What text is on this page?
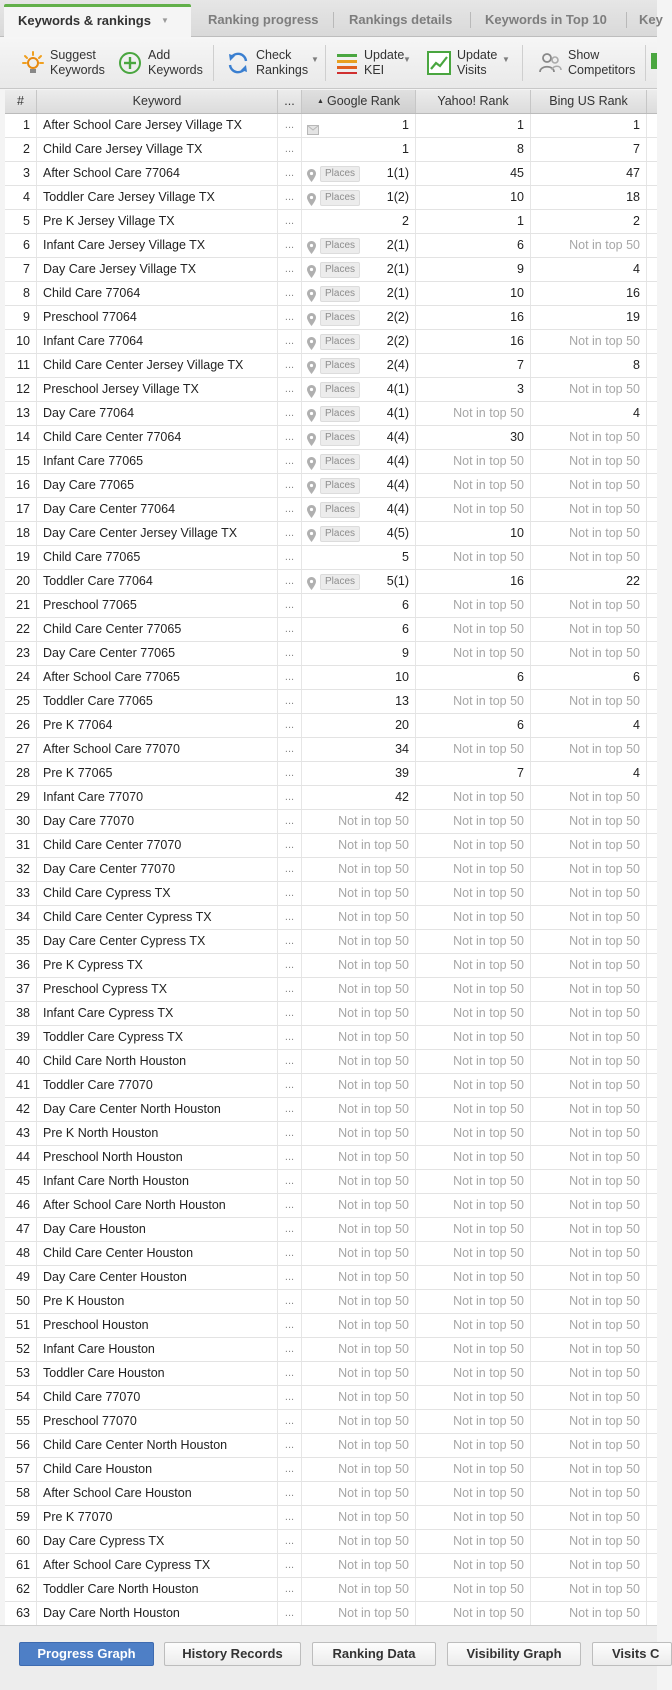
Keywords & rankings ▼	Ranking progress	Rankings details	Keywords in Top 10	Key
Suggest
Keywords
Add
Keywords
Check
Rankings
▼	Update
KEI
▼	Update
Visits
▼	Show
Competitors
#	Keyword	...	▲ Google Rank	Yahoo! Rank	Bing US Rank
1	After School Care Jersey Village TX	...	1	1	1
2	Child Care Jersey Village TX	...	1	8	7
3	After School Care 77064	...	Places	1(1)	45	47
4	Toddler Care Jersey Village TX	...	Places	1(2)	10	18
5	Pre K Jersey Village TX	...	2	1	2
6	Infant Care Jersey Village TX	...	Places	2(1)	6	Not in top 50
7	Day Care Jersey Village TX	...	Places	2(1)	9	4
8	Child Care 77064	...	Places	2(1)	10	16
9	Preschool 77064	...	Places	2(2)	16	19
10	Infant Care 77064	...	Places	2(2)	16	Not in top 50
11	Child Care Center Jersey Village TX	...	Places	2(4)	7	8
12	Preschool Jersey Village TX	...	Places	4(1)	3	Not in top 50
13	Day Care 77064	...	Places	4(1)	Not in top 50	4
14	Child Care Center 77064	...	Places	4(4)	30	Not in top 50
15	Infant Care 77065	...	Places	4(4)	Not in top 50	Not in top 50
16	Day Care 77065	...	Places	4(4)	Not in top 50	Not in top 50
17	Day Care Center 77064	...	Places	4(4)	Not in top 50	Not in top 50
18	Day Care Center Jersey Village TX	...	Places	4(5)	10	Not in top 50
19	Child Care 77065	...	5	Not in top 50	Not in top 50
20	Toddler Care 77064	...	Places	5(1)	16	22
21	Preschool 77065	...	6	Not in top 50	Not in top 50
22	Child Care Center 77065	...	6	Not in top 50	Not in top 50
23	Day Care Center 77065	...	9	Not in top 50	Not in top 50
24	After School Care 77065	...	10	6	6
25	Toddler Care 77065	...	13	Not in top 50	Not in top 50
26	Pre K 77064	...	20	6	4
27	After School Care 77070	...	34	Not in top 50	Not in top 50
28	Pre K 77065	...	39	7	4
29	Infant Care 77070	...	42	Not in top 50	Not in top 50
30	Day Care 77070	...	Not in top 50	Not in top 50	Not in top 50
31	Child Care Center 77070	...	Not in top 50	Not in top 50	Not in top 50
32	Day Care Center 77070	...	Not in top 50	Not in top 50	Not in top 50
33	Child Care Cypress TX	...	Not in top 50	Not in top 50	Not in top 50
34	Child Care Center Cypress TX	...	Not in top 50	Not in top 50	Not in top 50
35	Day Care Center Cypress TX	...	Not in top 50	Not in top 50	Not in top 50
36	Pre K Cypress TX	...	Not in top 50	Not in top 50	Not in top 50
37	Preschool Cypress TX	...	Not in top 50	Not in top 50	Not in top 50
38	Infant Care Cypress TX	...	Not in top 50	Not in top 50	Not in top 50
39	Toddler Care Cypress TX	...	Not in top 50	Not in top 50	Not in top 50
40	Child Care North Houston	...	Not in top 50	Not in top 50	Not in top 50
41	Toddler Care 77070	...	Not in top 50	Not in top 50	Not in top 50
42	Day Care Center North Houston	...	Not in top 50	Not in top 50	Not in top 50
43	Pre K North Houston	...	Not in top 50	Not in top 50	Not in top 50
44	Preschool North Houston	...	Not in top 50	Not in top 50	Not in top 50
45	Infant Care North Houston	...	Not in top 50	Not in top 50	Not in top 50
46	After School Care North Houston	...	Not in top 50	Not in top 50	Not in top 50
47	Day Care Houston	...	Not in top 50	Not in top 50	Not in top 50
48	Child Care Center Houston	...	Not in top 50	Not in top 50	Not in top 50
49	Day Care Center Houston	...	Not in top 50	Not in top 50	Not in top 50
50	Pre K Houston	...	Not in top 50	Not in top 50	Not in top 50
51	Preschool Houston	...	Not in top 50	Not in top 50	Not in top 50
52	Infant Care Houston	...	Not in top 50	Not in top 50	Not in top 50
53	Toddler Care Houston	...	Not in top 50	Not in top 50	Not in top 50
54	Child Care 77070	...	Not in top 50	Not in top 50	Not in top 50
55	Preschool 77070	...	Not in top 50	Not in top 50	Not in top 50
56	Child Care Center North Houston	...	Not in top 50	Not in top 50	Not in top 50
57	Child Care Houston	...	Not in top 50	Not in top 50	Not in top 50
58	After School Care Houston	...	Not in top 50	Not in top 50	Not in top 50
59	Pre K 77070	...	Not in top 50	Not in top 50	Not in top 50
60	Day Care Cypress TX	...	Not in top 50	Not in top 50	Not in top 50
61	After School Care Cypress TX	...	Not in top 50	Not in top 50	Not in top 50
62	Toddler Care North Houston	...	Not in top 50	Not in top 50	Not in top 50
63	Day Care North Houston	...	Not in top 50	Not in top 50	Not in top 50
Progress Graph	History Records	Ranking Data	Visibility Graph	Visits C
